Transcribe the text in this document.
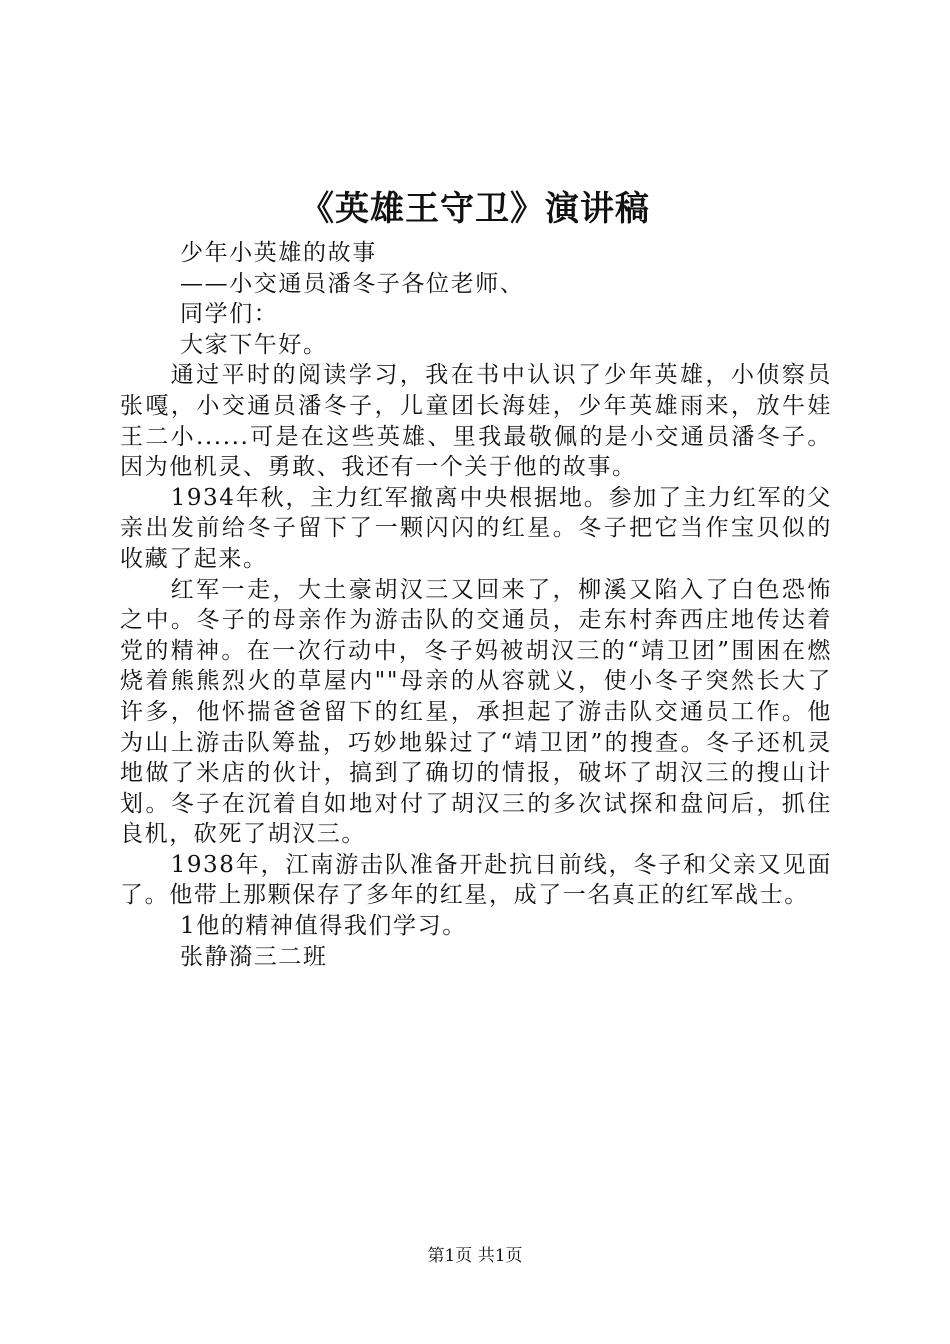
《英雄王守卫》演讲稿

少年小英雄的故事

——小交通员潘冬子各位老师、

同学们：

大家下午好。

通过平时的阅读学习，我在书中认识了少年英雄，小侦察员张嘎，小交通员潘冬子，儿童团长海娃，少年英雄雨来，放牛娃王二小......可是在这些英雄、里我最敬佩的是小交通员潘冬子。因为他机灵、勇敢、我还有一个关于他的故事。

1934年秋，主力红军撤离中央根据地。参加了主力红军的父亲出发前给冬子留下了一颗闪闪的红星。冬子把它当作宝贝似的收藏了起来。

红军一走，大土豪胡汉三又回来了，柳溪又陷入了白色恐怖之中。冬子的母亲作为游击队的交通员，走东村奔西庄地传达着党的精神。在一次行动中，冬子妈被胡汉三的“靖卫团”围困在燃烧着熊熊烈火的草屋内""母亲的从容就义，使小冬子突然长大了许多，他怀揣爸爸留下的红星，承担起了游击队交通员工作。他为山上游击队筹盐，巧妙地躲过了“靖卫团”的搜查。冬子还机灵地做了米店的伙计，搞到了确切的情报，破坏了胡汉三的搜山计划。冬子在沉着自如地对付了胡汉三的多次试探和盘问后，抓住良机，砍死了胡汉三。

1938年，江南游击队准备开赴抗日前线，冬子和父亲又见面了。他带上那颗保存了多年的红星，成了一名真正的红军战士。

1他的精神值得我们学习。

张静漪三二班

第1页 共1页
